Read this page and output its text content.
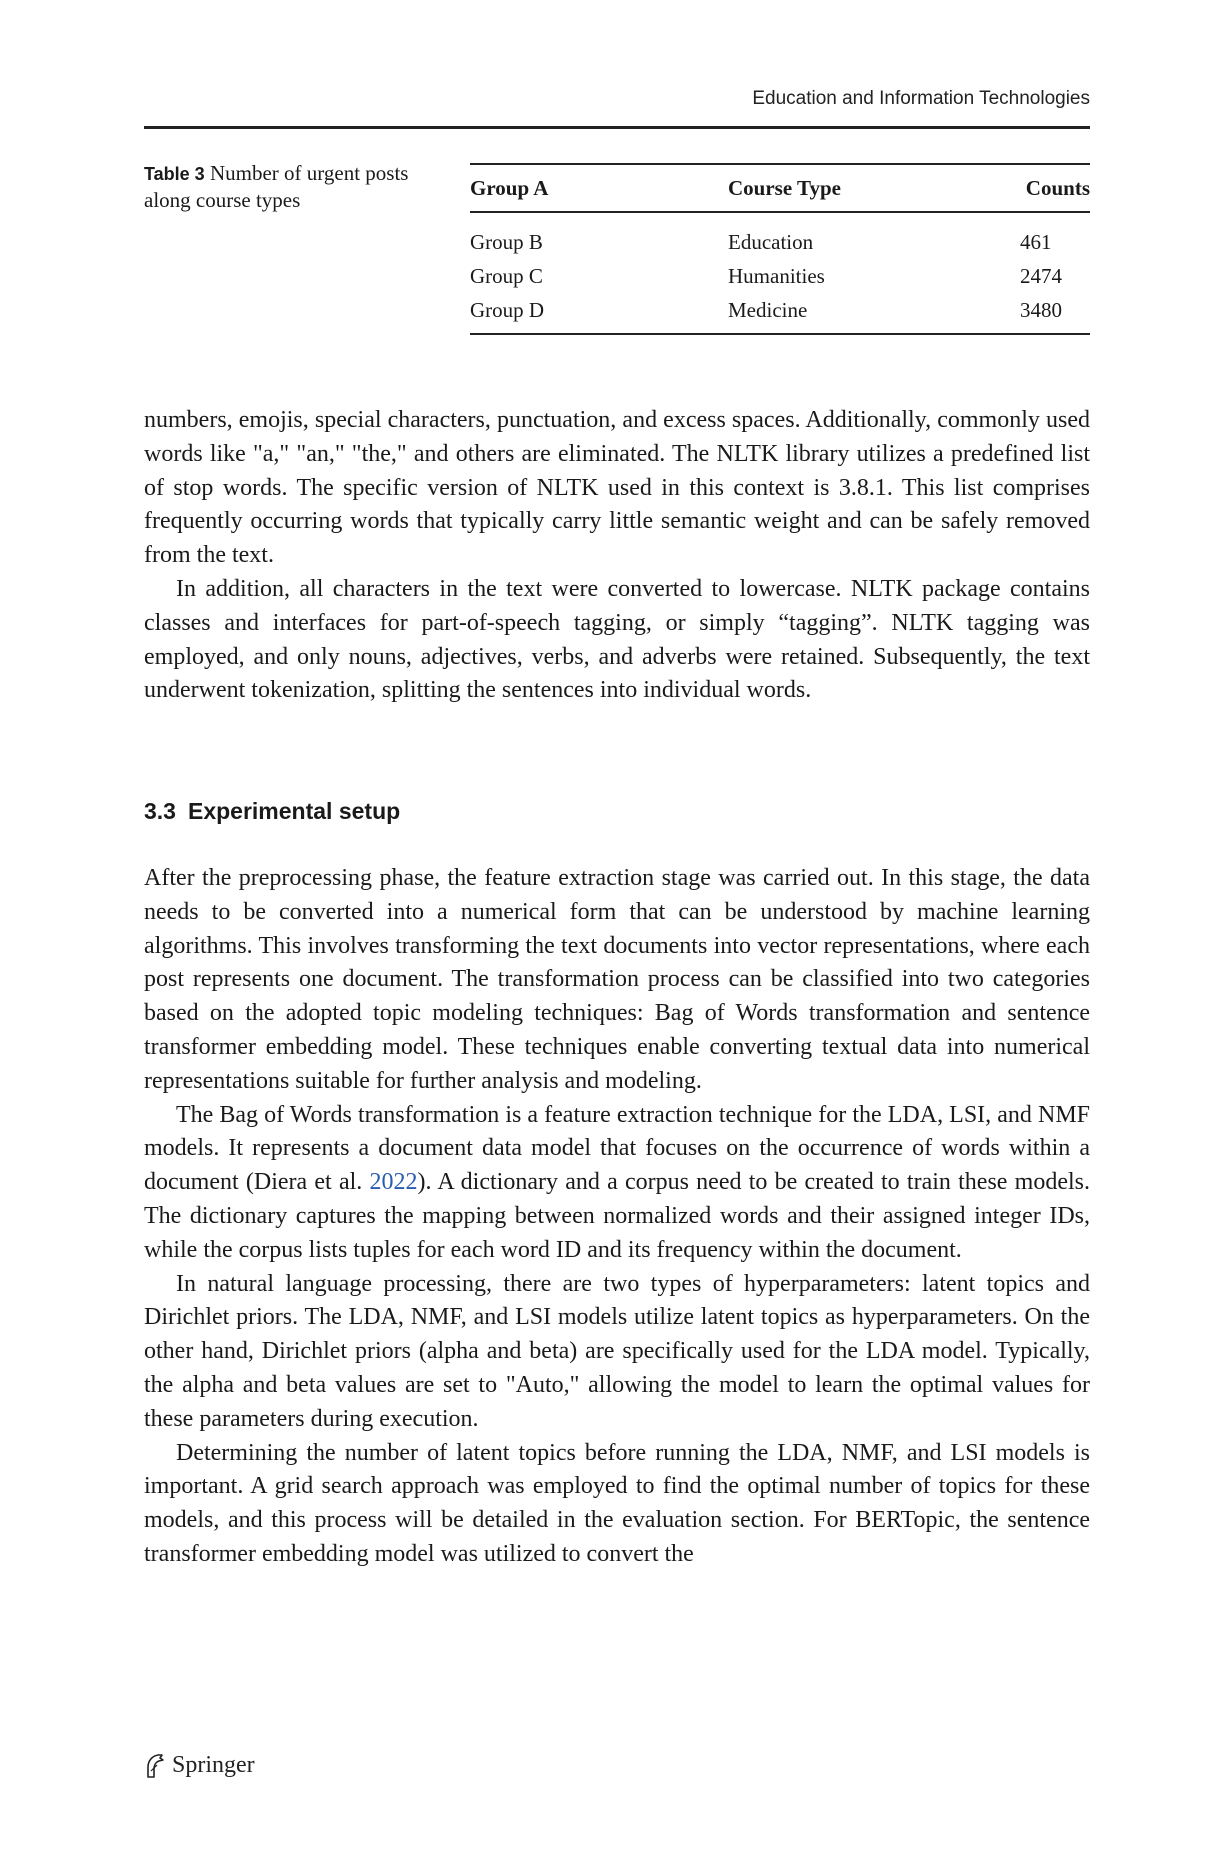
Education and Information Technologies
Table 3 Number of urgent posts along course types
Group A	Course Type	Counts
Group B	Education	461
Group C	Humanities	2474
Group D	Medicine	3480

numbers, emojis, special characters, punctuation, and excess spaces. Additionally, commonly used words like "a," "an," "the," and others are eliminated. The NLTK library utilizes a predefined list of stop words. The specific version of NLTK used in this context is 3.8.1. This list comprises frequently occurring words that typically carry little semantic weight and can be safely removed from the text.

In addition, all characters in the text were converted to lowercase. NLTK package contains classes and interfaces for part-of-speech tagging, or simply “tagging”. NLTK tagging was employed, and only nouns, adjectives, verbs, and adverbs were retained. Subsequently, the text underwent tokenization, splitting the sentences into individual words.

3.3 Experimental setup

After the preprocessing phase, the feature extraction stage was carried out. In this stage, the data needs to be converted into a numerical form that can be understood by machine learning algorithms. This involves transforming the text documents into vector representations, where each post represents one document. The transformation process can be classified into two categories based on the adopted topic modeling techniques: Bag of Words transformation and sentence transformer embedding model. These techniques enable converting textual data into numerical representations suitable for further analysis and modeling.

The Bag of Words transformation is a feature extraction technique for the LDA, LSI, and NMF models. It represents a document data model that focuses on the occurrence of words within a document (Diera et al. 2022). A dictionary and a corpus need to be created to train these models. The dictionary captures the mapping between normalized words and their assigned integer IDs, while the corpus lists tuples for each word ID and its frequency within the document.

In natural language processing, there are two types of hyperparameters: latent topics and Dirichlet priors. The LDA, NMF, and LSI models utilize latent topics as hyperparameters. On the other hand, Dirichlet priors (alpha and beta) are specifically used for the LDA model. Typically, the alpha and beta values are set to "Auto," allowing the model to learn the optimal values for these parameters during execution.

Determining the number of latent topics before running the LDA, NMF, and LSI models is important. A grid search approach was employed to find the optimal number of topics for these models, and this process will be detailed in the evaluation section. For BERTopic, the sentence transformer embedding model was utilized to convert the

Springer
